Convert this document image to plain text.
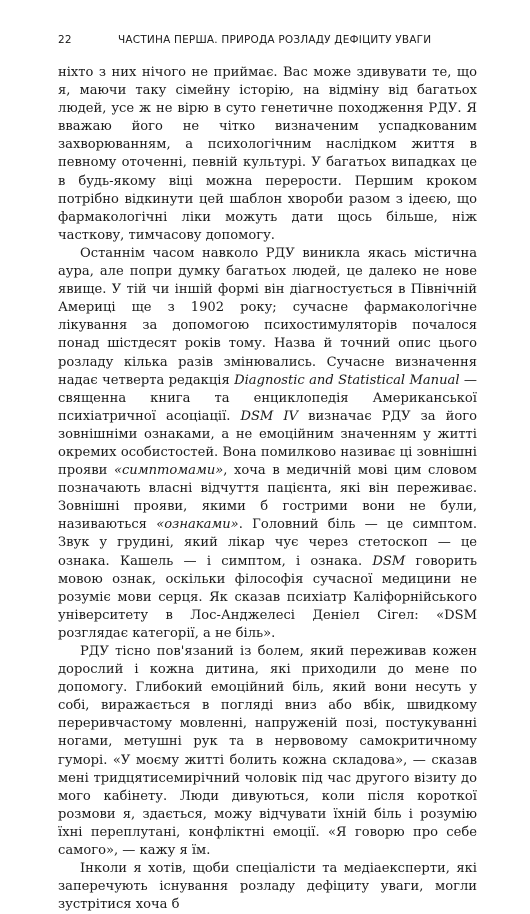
22	ЧАСТИНА ПЕРША. ПРИРОДА РОЗЛАДУ ДЕФІЦИТУ УВАГИ

ніхто з них нічого не приймає. Вас може здивувати те, що я, маючи таку сімейну історію, на відміну від багатьох людей, усе ж не вірю в суто генетичне походження РДУ. Я вважаю його не чітко визначеним успадкованим захворюванням, а психологічним наслідком життя в певному оточенні, певній культурі. У багатьох випадках це в будь-якому віці можна перерости. Першим кроком потрібно відкинути цей шаблон хвороби разом з ідеєю, що фармакологічні ліки можуть дати щось більше, ніж часткову, тимчасову допомогу.

Останнім часом навколо РДУ виникла якась містична аура, але попри думку багатьох людей, це далеко не нове явище. У тій чи іншій формі він діагностується в Північній Америці ще з 1902 року; сучасне фармакологічне лікування за допомогою психостимуляторів почалося понад шістдесят років тому. Назва й точний опис цього розладу кілька разів змінювались. Сучасне визначення надає четверта редакція Diagnostic and Statistical Manual — священна книга та енциклопедія Американської психіатричної асоціації. DSM IV визначає РДУ за його зовнішніми ознаками, а не емоційним значенням у житті окремих особистостей. Вона помилково називає ці зовнішні прояви «симптомами», хоча в медичній мові цим словом позначають власні відчуття пацієнта, які він переживає. Зовнішні прояви, якими б гострими вони не були, називаються «ознаками». Головний біль — це симптом. Звук у грудині, який лікар чує через стетоскоп — це ознака. Кашель — і симптом, і ознака. DSM говорить мовою ознак, оскільки філософія сучасної медицини не розуміє мови серця. Як сказав психіатр Каліфорнійського університету в Лос-Анджелесі Деніел Сігел: «DSM розглядає категорії, а не біль».

РДУ тісно пов'язаний із болем, який переживав кожен дорослий і кожна дитина, які приходили до мене по допомогу. Глибокий емоційний біль, який вони несуть у собі, виражається в погляді вниз або вбік, швидкому переривчастому мовленні, напруженій позі, постукуванні ногами, метушні рук та в нервовому самокритичному гуморі. «У моєму житті болить кожна складова», — сказав мені тридцятисемирічний чоловік під час другого візиту до мого кабінету. Люди дивуються, коли після короткої розмови я, здається, можу відчувати їхній біль і розумію їхні переплутані, конфліктні емоції. «Я говорю про себе самого», — кажу я їм.

Інколи я хотів, щоби спеціалісти та медіаексперти, які заперечують існування розладу дефіциту уваги, могли зустрітися хоча б
